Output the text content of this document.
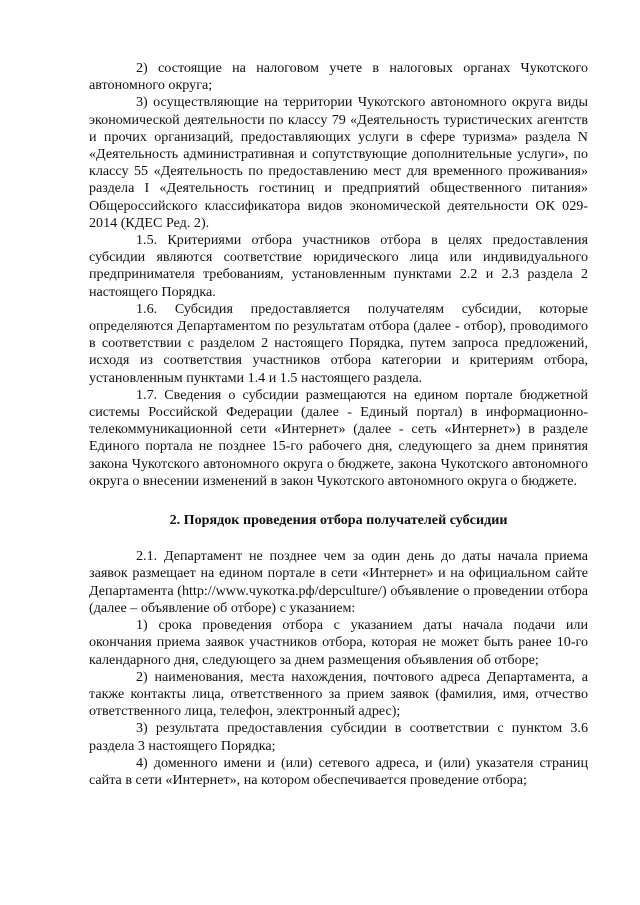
2) состоящие на налоговом учете в налоговых органах Чукотского автономного округа;

3) осуществляющие на территории Чукотского автономного округа виды экономической деятельности по классу 79 «Деятельность туристических агентств и прочих организаций, предоставляющих услуги в сфере туризма» раздела N «Деятельность административная и сопутствующие дополнительные услуги», по классу 55 «Деятельность по предоставлению мест для временного проживания» раздела I «Деятельность гостиниц и предприятий общественного питания» Общероссийского классификатора видов экономической деятельности ОК 029-2014 (КДЕС Ред. 2).

1.5. Критериями отбора участников отбора в целях предоставления субсидии являются соответствие юридического лица или индивидуального предпринимателя требованиям, установленным пунктами 2.2 и 2.3 раздела 2 настоящего Порядка.

1.6. Субсидия предоставляется получателям субсидии, которые определяются Департаментом по результатам отбора (далее - отбор), проводимого в соответствии с разделом 2 настоящего Порядка, путем запроса предложений, исходя из соответствия участников отбора категории и критериям отбора, установленным пунктами 1.4 и 1.5 настоящего раздела.

1.7. Сведения о субсидии размещаются на едином портале бюджетной системы Российской Федерации (далее - Единый портал) в информационно-телекоммуникационной сети «Интернет» (далее - сеть «Интернет») в разделе Единого портала не позднее 15-го рабочего дня, следующего за днем принятия закона Чукотского автономного округа о бюджете, закона Чукотского автономного округа о внесении изменений в закон Чукотского автономного округа о бюджете.

2. Порядок проведения отбора получателей субсидии

2.1. Департамент не позднее чем за один день до даты начала приема заявок размещает на едином портале в сети «Интернет» и на официальном сайте Департамента (http://www.чукотка.рф/depculture/) объявление о проведении отбора (далее – объявление об отборе) с указанием:

1) срока проведения отбора с указанием даты начала подачи или окончания приема заявок участников отбора, которая не может быть ранее 10-го календарного дня, следующего за днем размещения объявления об отборе;

2) наименования, места нахождения, почтового адреса Департамента, а также контакты лица, ответственного за прием заявок (фамилия, имя, отчество ответственного лица, телефон, электронный адрес);

3) результата предоставления субсидии в соответствии с пунктом 3.6 раздела 3 настоящего Порядка;

4) доменного имени и (или) сетевого адреса, и (или) указателя страниц сайта в сети «Интернет», на котором обеспечивается проведение отбора;
